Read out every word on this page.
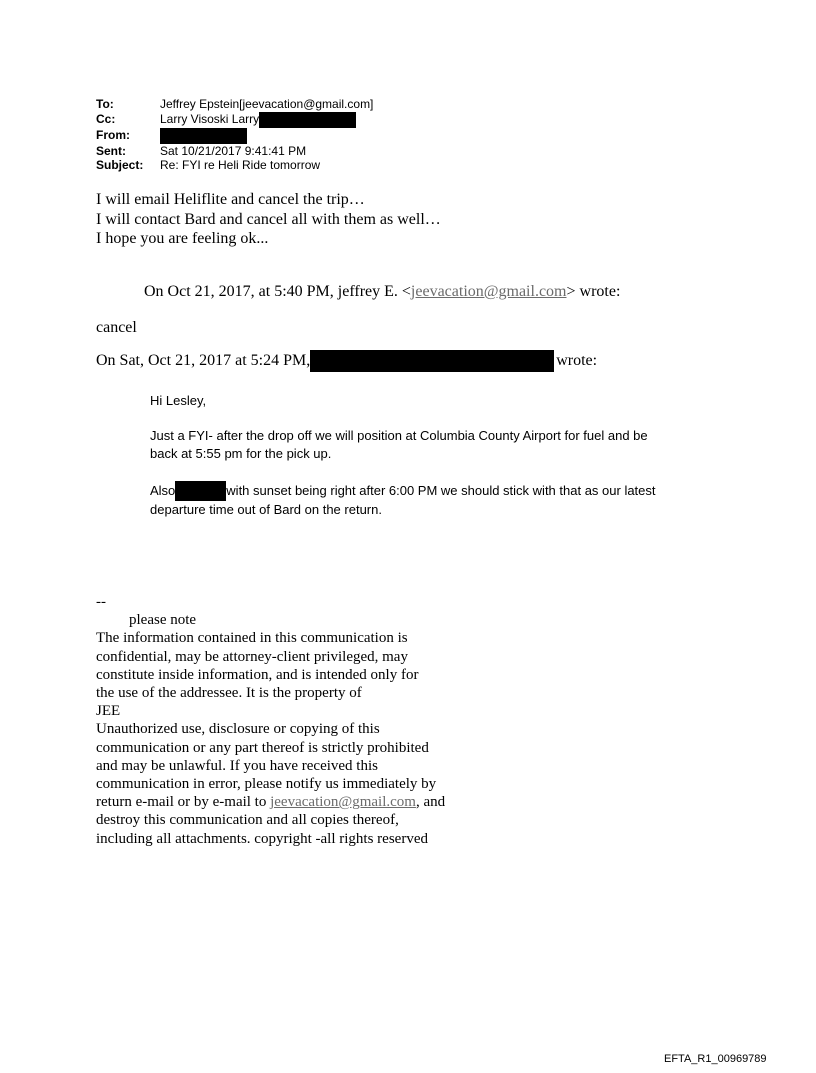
To:	Jeffrey Epstein[jeevacation@gmail.com]
Cc:	Larry Visoski Larry
From:
Sent:	Sat 10/21/2017 9:41:41 PM
Subject:	Re: FYI re Heli Ride tomorrow
I will email Heliflite and cancel the trip…
I will contact Bard and cancel all with them as well…
I hope you are feeling ok...
On Oct 21, 2017, at 5:40 PM, jeffrey E. <jeevacation@gmail.com> wrote:
cancel
On Sat, Oct 21, 2017 at 5:24 PM,	wrote:
Hi Lesley,
Just a FYI- after the drop off we will position at Columbia County Airport for fuel and be
back at 5:55 pm for the pick up.
Also	with sunset being right after 6:00 PM we should stick with that as our latest
departure time out of Bard on the return.
--
please note
The information contained in this communication is
confidential, may be attorney-client privileged, may
constitute inside information, and is intended only for
the use of the addressee. It is the property of
JEE
Unauthorized use, disclosure or copying of this
communication or any part thereof is strictly prohibited
and may be unlawful. If you have received this
communication in error, please notify us immediately by
return e-mail or by e-mail to jeevacation@gmail.com, and
destroy this communication and all copies thereof,
including all attachments. copyright -all rights reserved
EFTA_R1_00969789
